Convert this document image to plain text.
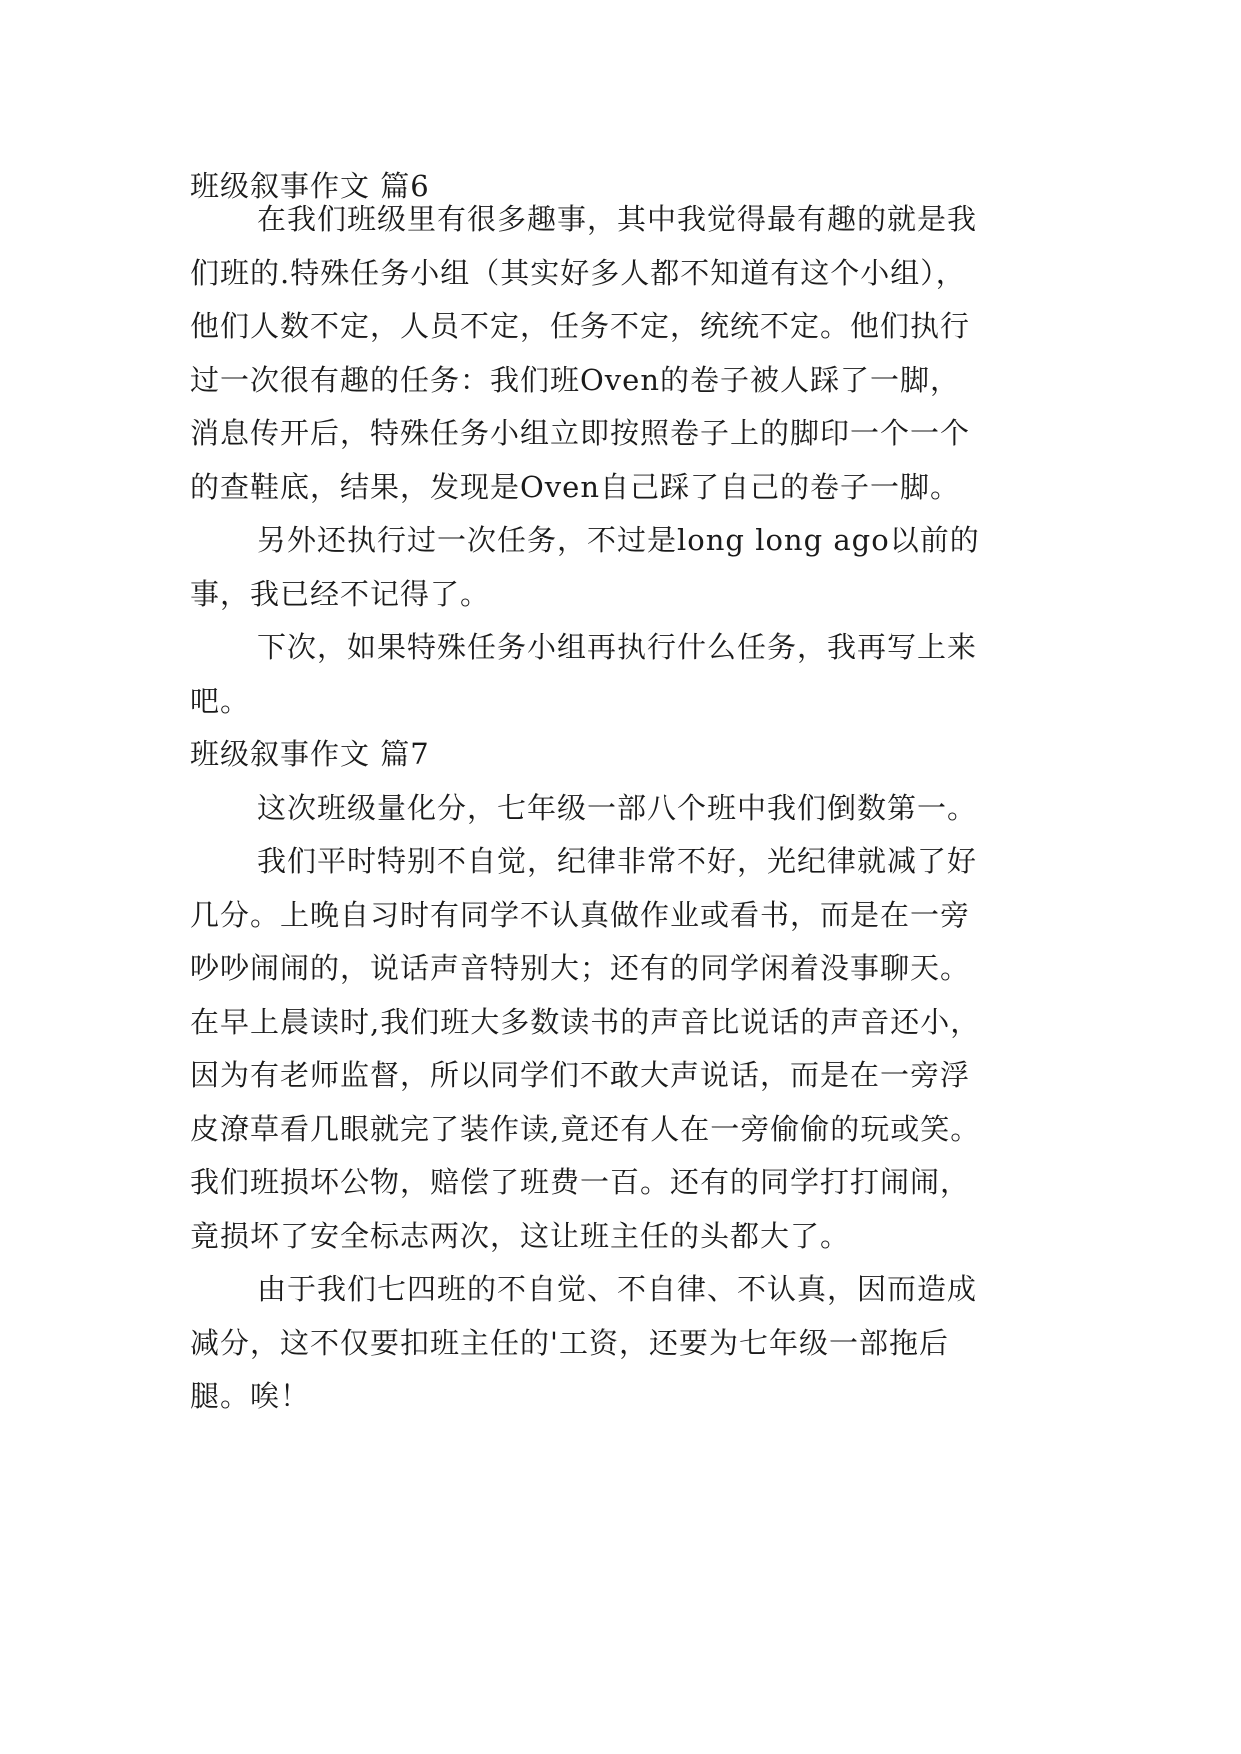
班级叙事作文 篇6
在我们班级里有很多趣事，其中我觉得最有趣的就是我
们班的.特殊任务小组（其实好多人都不知道有这个小组），
他们人数不定，人员不定，任务不定，统统不定。他们执行
过一次很有趣的任务：我们班Oven的卷子被人踩了一脚，
消息传开后，特殊任务小组立即按照卷子上的脚印一个一个
的查鞋底，结果，发现是Oven自己踩了自己的卷子一脚。
另外还执行过一次任务，不过是long long ago以前的
事，我已经不记得了。
下次，如果特殊任务小组再执行什么任务，我再写上来
吧。
班级叙事作文 篇7
这次班级量化分，七年级一部八个班中我们倒数第一。
我们平时特别不自觉，纪律非常不好，光纪律就减了好
几分。上晚自习时有同学不认真做作业或看书，而是在一旁
吵吵闹闹的，说话声音特别大；还有的同学闲着没事聊天。
在早上晨读时,我们班大多数读书的声音比说话的声音还小，
因为有老师监督，所以同学们不敢大声说话，而是在一旁浮
皮潦草看几眼就完了装作读,竟还有人在一旁偷偷的玩或笑。
我们班损坏公物，赔偿了班费一百。还有的同学打打闹闹，
竟损坏了安全标志两次，这让班主任的头都大了。
由于我们七四班的不自觉、不自律、不认真，因而造成
减分，这不仅要扣班主任的'工资，还要为七年级一部拖后
腿。唉！
